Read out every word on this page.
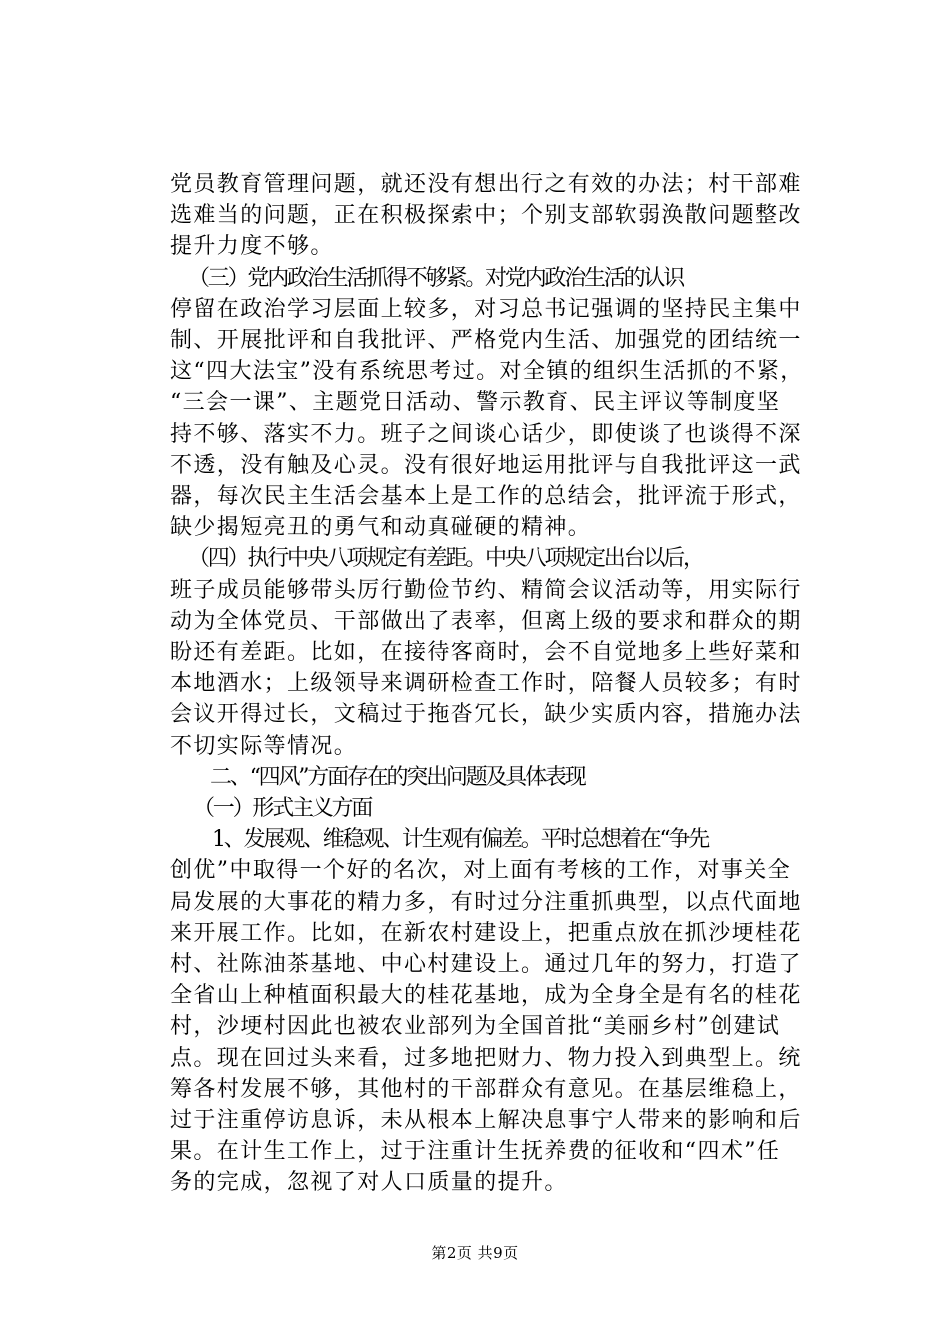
党员教育管理问题，就还没有想出行之有效的办法；村干部难
选难当的问题，正在积极探索中；个别支部软弱涣散问题整改
提升力度不够。
（三）党内政治生活抓得不够紧。对党内政治生活的认识
停留在政治学习层面上较多，对习总书记强调的坚持民主集中
制、开展批评和自我批评、严格党内生活、加强党的团结统一
这“四大法宝”没有系统思考过。对全镇的组织生活抓的不紧，
“三会一课”、主题党日活动、警示教育、民主评议等制度坚
持不够、落实不力。班子之间谈心话少，即使谈了也谈得不深
不透，没有触及心灵。没有很好地运用批评与自我批评这一武
器，每次民主生活会基本上是工作的总结会，批评流于形式，
缺少揭短亮丑的勇气和动真碰硬的精神。
（四）执行中央八项规定有差距。中央八项规定出台以后，
班子成员能够带头厉行勤俭节约、精简会议活动等，用实际行
动为全体党员、干部做出了表率，但离上级的要求和群众的期
盼还有差距。比如，在接待客商时，会不自觉地多上些好菜和
本地酒水；上级领导来调研检查工作时，陪餐人员较多；有时
会议开得过长，文稿过于拖沓冗长，缺少实质内容，措施办法
不切实际等情况。
二、“四风”方面存在的突出问题及具体表现
（一）形式主义方面
1、发展观、维稳观、计生观有偏差。平时总想着在“争先
创优”中取得一个好的名次，对上面有考核的工作，对事关全
局发展的大事花的精力多，有时过分注重抓典型，以点代面地
来开展工作。比如，在新农村建设上，把重点放在抓沙埂桂花
村、社陈油茶基地、中心村建设上。通过几年的努力，打造了
全省山上种植面积最大的桂花基地，成为全身全是有名的桂花
村，沙埂村因此也被农业部列为全国首批“美丽乡村”创建试
点。现在回过头来看，过多地把财力、物力投入到典型上。统
筹各村发展不够，其他村的干部群众有意见。在基层维稳上，
过于注重停访息诉，未从根本上解决息事宁人带来的影响和后
果。在计生工作上，过于注重计生抚养费的征收和“四术”任
务的完成，忽视了对人口质量的提升。
第2页 共9页
